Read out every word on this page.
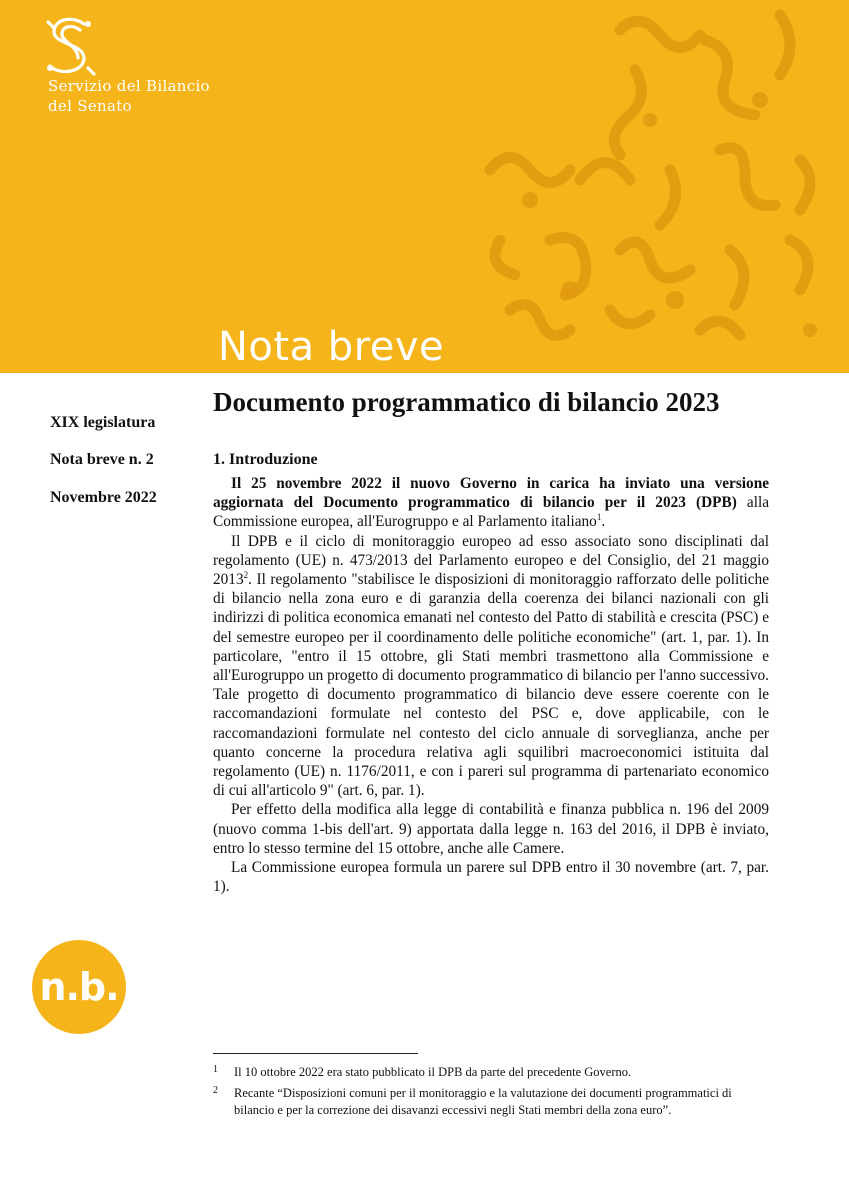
Servizio del Bilancio
del Senato
Nota breve
Documento programmatico di bilancio 2023
XIX legislatura
Nota breve n. 2
Novembre 2022
1. Introduzione

Il 25 novembre 2022 il nuovo Governo in carica ha inviato una versione aggiornata del Documento programmatico di bilancio per il 2023 (DPB) alla Commissione europea, all'Eurogruppo e al Parlamento italiano$^1$.

Il DPB e il ciclo di monitoraggio europeo ad esso associato sono disciplinati dal regolamento (UE) n. 473/2013 del Parlamento europeo e del Consiglio, del 21 maggio 2013$^2$. Il regolamento "stabilisce le disposizioni di monitoraggio rafforzato delle politiche di bilancio nella zona euro e di garanzia della coerenza dei bilanci nazionali con gli indirizzi di politica economica emanati nel contesto del Patto di stabilità e crescita (PSC) e del semestre europeo per il coordinamento delle politiche economiche" (art. 1, par. 1). In particolare, "entro il 15 ottobre, gli Stati membri trasmettono alla Commissione e all'Eurogruppo un progetto di documento programmatico di bilancio per l'anno successivo. Tale progetto di documento programmatico di bilancio deve essere coerente con le raccomandazioni formulate nel contesto del PSC e, dove applicabile, con le raccomandazioni formulate nel contesto del ciclo annuale di sorveglianza, anche per quanto concerne la procedura relativa agli squilibri macroeconomici istituita dal regolamento (UE) n. 1176/2011, e con i pareri sul programma di partenariato economico di cui all'articolo 9" (art. 6, par. 1).

Per effetto della modifica alla legge di contabilità e finanza pubblica n. 196 del 2009 (nuovo comma 1-bis dell'art. 9) apportata dalla legge n. 163 del 2016, il DPB è inviato, entro lo stesso termine del 15 ottobre, anche alle Camere.

La Commissione europea formula un parere sul DPB entro il 30 novembre (art. 7, par. 1).

n.b.
1 Il 10 ottobre 2022 era stato pubblicato il DPB da parte del precedente Governo.
2 Recante “Disposizioni comuni per il monitoraggio e la valutazione dei documenti programmatici di bilancio e per la correzione dei disavanzi eccessivi negli Stati membri della zona euro”.
